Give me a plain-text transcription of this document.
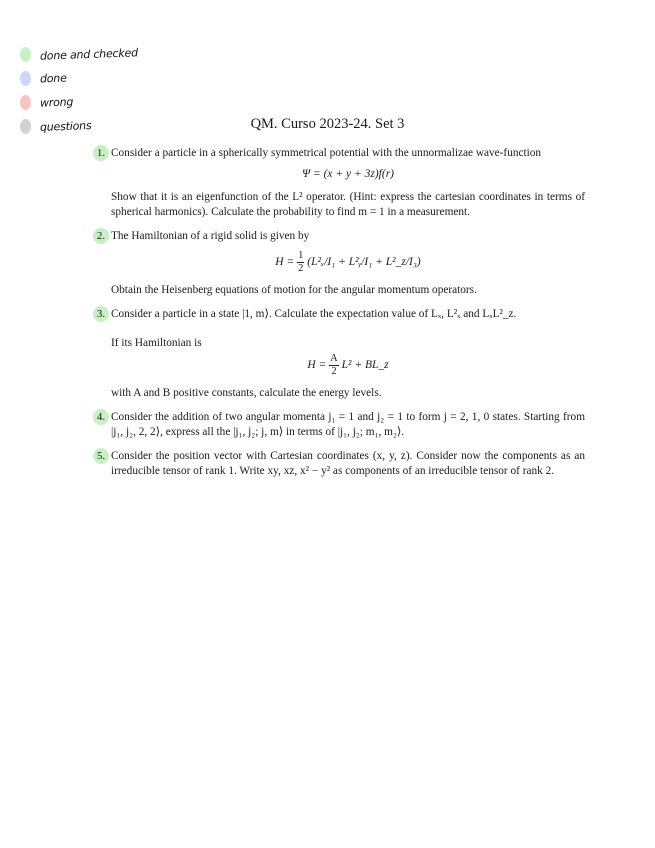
done and checked
done
wrong
questions	QM. Curso 2023-24. Set 3
1. Consider a particle in a spherically symmetrical potential with the unnormalizae wave-function

Ψ = (x + y + 3z)f(r)

Show that it is an eigenfunction of the L² operator. (Hint: express the cartesian coordinates in terms of spherical harmonics). Calculate the probability to find m = 1 in a measurement.

2. The Hamiltonian of a rigid solid is given by

$H = \frac{1}{2} (L^2_x/I_1$ + L²ᵧ/I₁ + L²_z/I₃)

Obtain the Heisenberg equations of motion for the angular momentum operators.

3. Consider a particle in a state |1, m⟩. Calculate the expectation value of Lₓ, L²ₓ and LₓL²_z.

If its Hamiltonian is

$H = \frac{A}{2} L^2$ + BL_z

with A and B positive constants, calculate the energy levels.

4. Consider the addition of two angular momenta j₁ = 1 and j₂ = 1 to form j = 2, 1, 0 states. Starting from |j₁, j₂, 2, 2⟩, express all the |j₁, j₂; j, m⟩ in terms of |j₁, j₂; m₁, m₂⟩.

5. Consider the position vector with Cartesian coordinates (x, y, z). Consider now the components as an irreducible tensor of rank 1. Write xy, xz, x² − y² as components of an irreducible tensor of rank 2.
